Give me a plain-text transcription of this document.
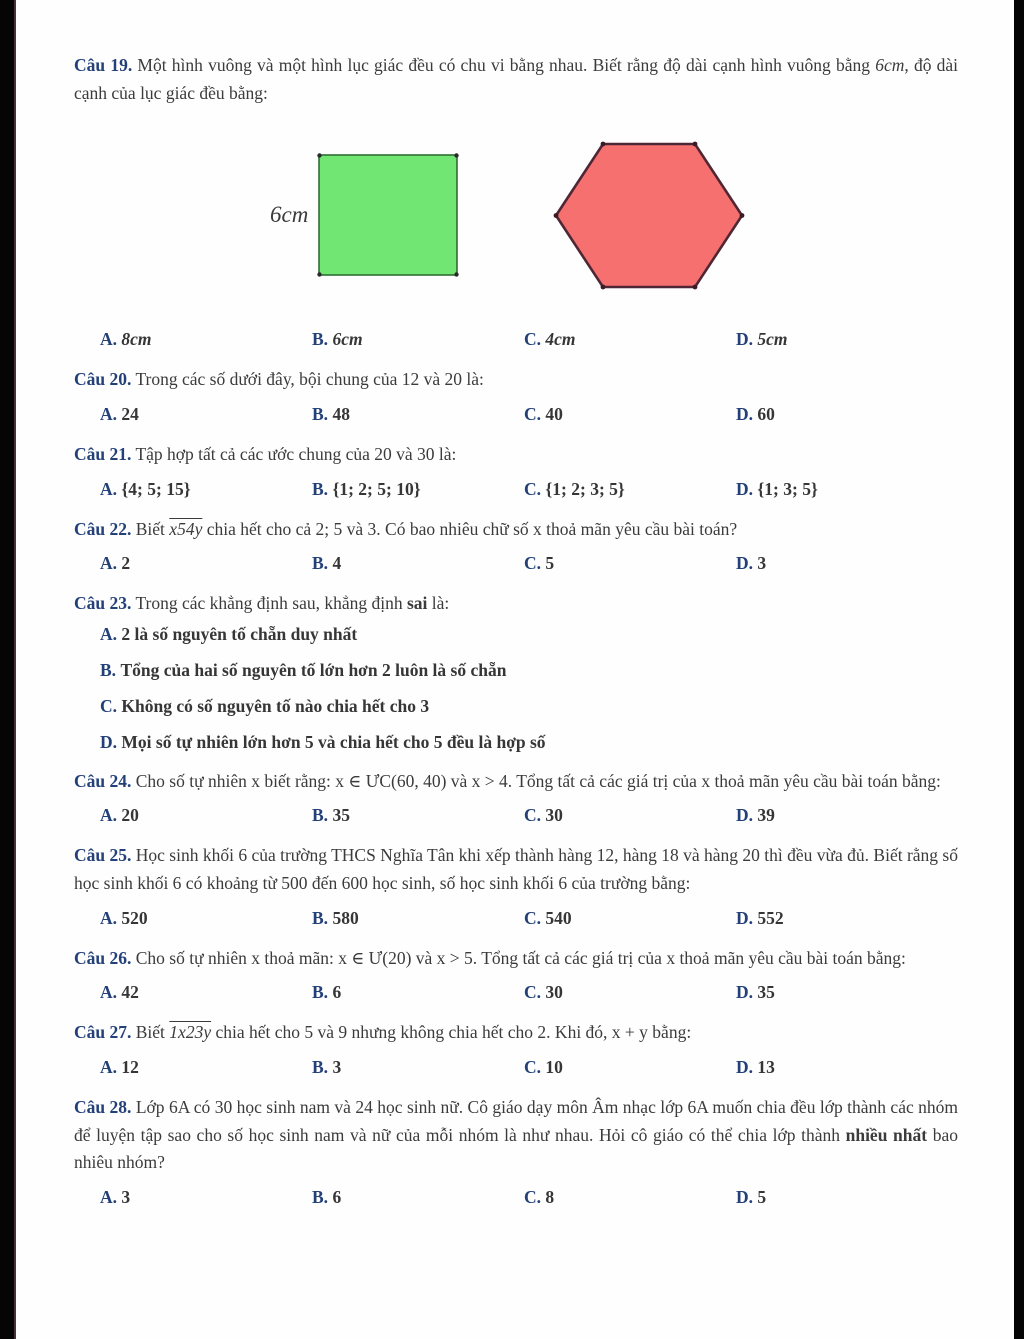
Câu 19. Một hình vuông và một hình lục giác đều có chu vi bằng nhau. Biết rằng độ dài cạnh hình vuông bằng 6cm, độ dài cạnh của lục giác đều bằng:

6cm
A. 8cm	B. 6cm	C. 4cm	D. 5cm

Câu 20. Trong các số dưới đây, bội chung của 12 và 20 là:

A. 24	B. 48	C. 40	D. 60

Câu 21. Tập hợp tất cả các ước chung của 20 và 30 là:

A. {4; 5; 15}	B. {1; 2; 5; 10}	C. {1; 2; 3; 5}	D. {1; 3; 5}

Câu 22. Biết x54y chia hết cho cả 2; 5 và 3. Có bao nhiêu chữ số x thoả mãn yêu cầu bài toán?

A. 2	B. 4	C. 5	D. 3

Câu 23. Trong các khẳng định sau, khẳng định sai là:

A. 2 là số nguyên tố chẵn duy nhất
B. Tổng của hai số nguyên tố lớn hơn 2 luôn là số chẵn
C. Không có số nguyên tố nào chia hết cho 3
D. Mọi số tự nhiên lớn hơn 5 và chia hết cho 5 đều là hợp số

Câu 24. Cho số tự nhiên x biết rằng: x ∈ ƯC(60, 40) và x > 4. Tổng tất cả các giá trị của x thoả mãn yêu cầu bài toán bằng:

A. 20	B. 35	C. 30	D. 39

Câu 25. Học sinh khối 6 của trường THCS Nghĩa Tân khi xếp thành hàng 12, hàng 18 và hàng 20 thì đều vừa đủ. Biết rằng số học sinh khối 6 có khoảng từ 500 đến 600 học sinh, số học sinh khối 6 của trường bằng:

A. 520	B. 580	C. 540	D. 552

Câu 26. Cho số tự nhiên x thoả mãn: x ∈ Ư(20) và x > 5. Tổng tất cả các giá trị của x thoả mãn yêu cầu bài toán bằng:

A. 42	B. 6	C. 30	D. 35

Câu 27. Biết 1x23y chia hết cho 5 và 9 nhưng không chia hết cho 2. Khi đó, x + y bằng:

A. 12	B. 3	C. 10	D. 13

Câu 28. Lớp 6A có 30 học sinh nam và 24 học sinh nữ. Cô giáo dạy môn Âm nhạc lớp 6A muốn chia đều lớp thành các nhóm để luyện tập sao cho số học sinh nam và nữ của mỗi nhóm là như nhau. Hỏi cô giáo có thể chia lớp thành nhiều nhất bao nhiêu nhóm?

A. 3	B. 6	C. 8	D. 5
